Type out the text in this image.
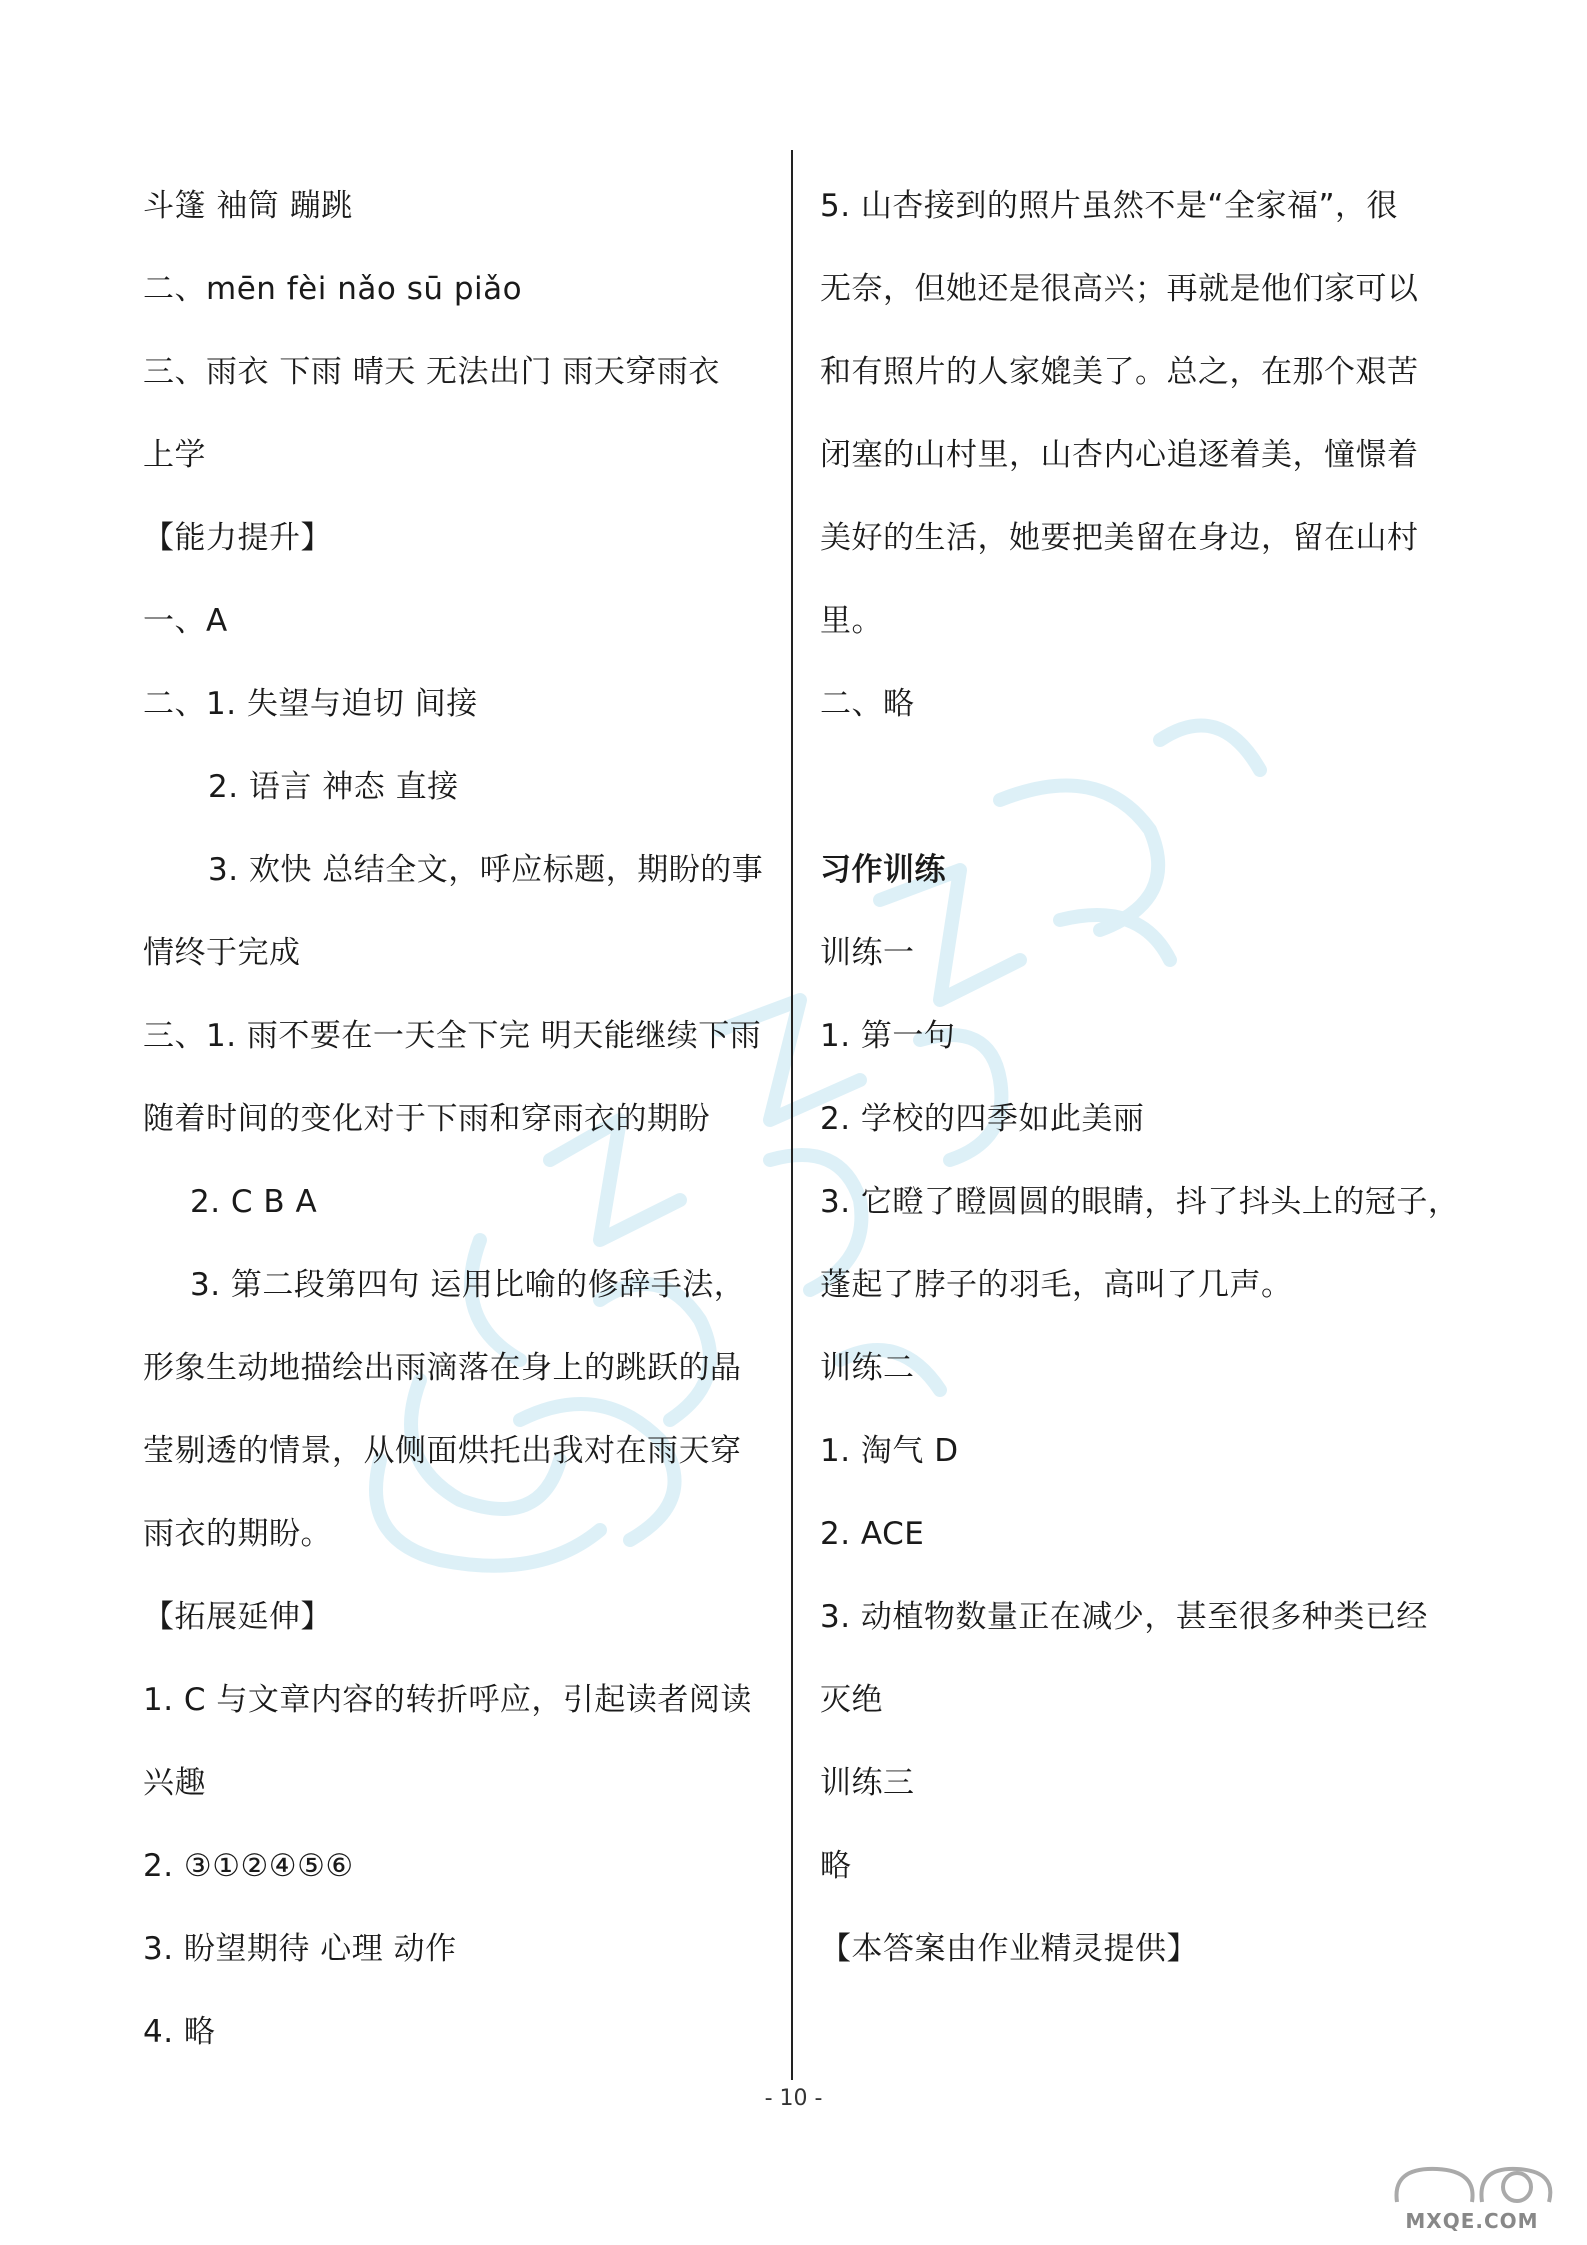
斗篷 袖筒 蹦跳
二、mēn fèi nǎo sū piǎo
三、雨衣 下雨 晴天 无法出门 雨天穿雨衣
上学
【能力提升】
一、A
二、1. 失望与迫切 间接
2. 语言 神态 直接
3. 欢快 总结全文，呼应标题，期盼的事
情终于完成
三、1. 雨不要在一天全下完 明天能继续下雨
随着时间的变化对于下雨和穿雨衣的期盼
2. C B A
3. 第二段第四句 运用比喻的修辞手法，
形象生动地描绘出雨滴落在身上的跳跃的晶
莹剔透的情景，从侧面烘托出我对在雨天穿
雨衣的期盼。
【拓展延伸】
1. C 与文章内容的转折呼应，引起读者阅读
兴趣
2. ③①②④⑤⑥
3. 盼望期待 心理 动作
4. 略
5. 山杏接到的照片虽然不是“全家福”，很
无奈，但她还是很高兴；再就是他们家可以
和有照片的人家媲美了。总之，在那个艰苦
闭塞的山村里，山杏内心追逐着美，憧憬着
美好的生活，她要把美留在身边，留在山村
里。
二、略
习作训练
训练一
1. 第一句
2. 学校的四季如此美丽
3. 它瞪了瞪圆圆的眼睛，抖了抖头上的冠子，
蓬起了脖子的羽毛，高叫了几声。
训练二
1. 淘气 D
2. ACE
3. 动植物数量正在减少，甚至很多种类已经
灭绝
训练三
略
【本答案由作业精灵提供】
- 10 -
MXQE.COM
